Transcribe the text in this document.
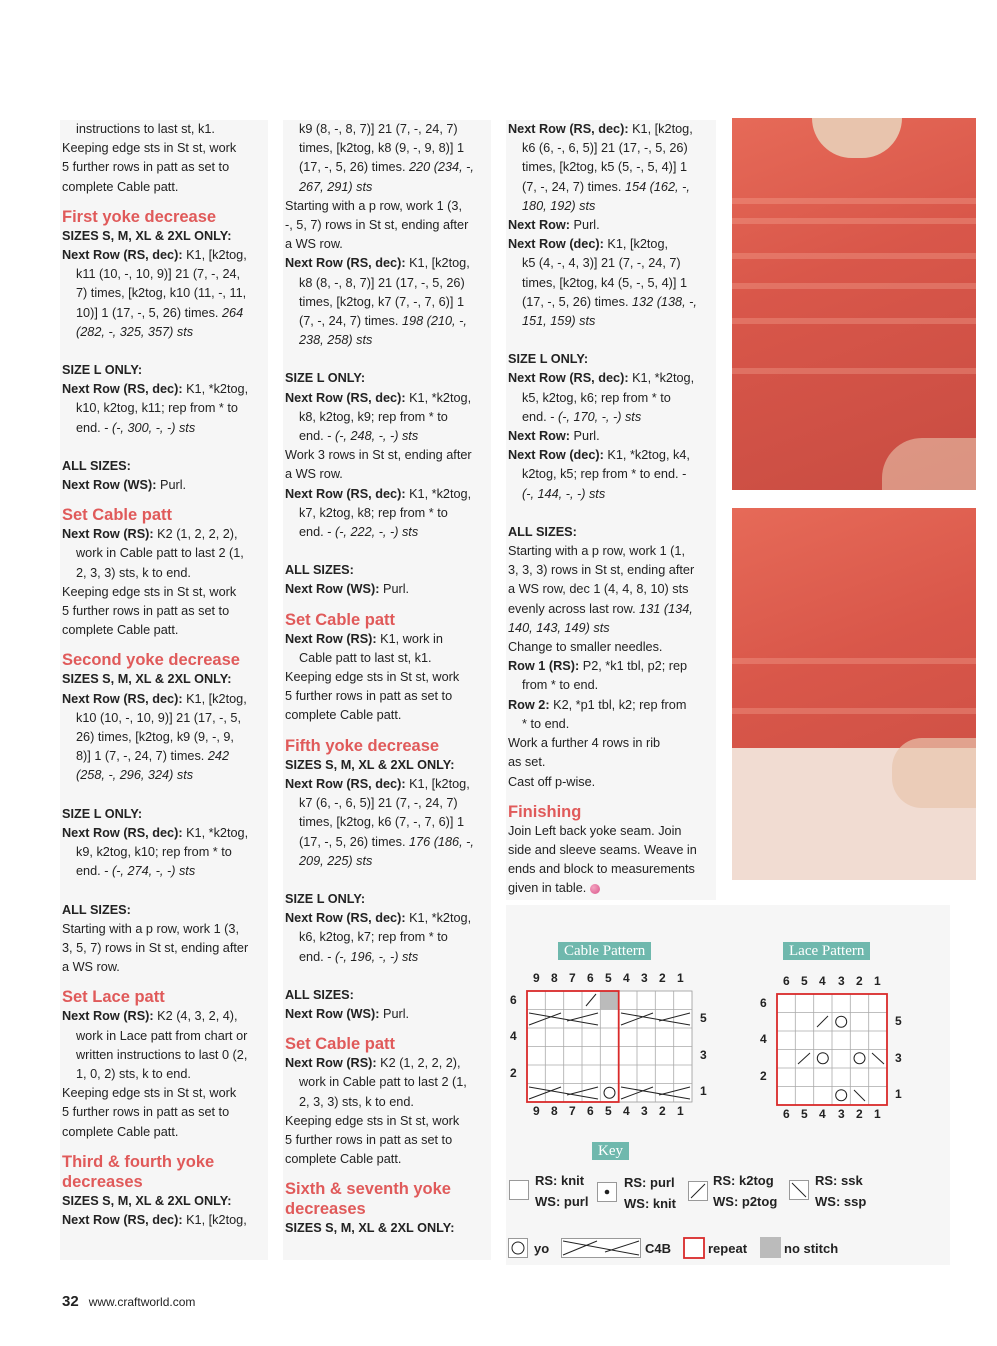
instructions to last st, k1.
Keeping edge sts in St st, work
5 further rows in patt as set to
complete Cable patt.
First yoke decrease
SIZES S, M, XL & 2XL ONLY:
Next Row (RS, dec): K1, [k2tog,
k11 (10, -, 10, 9)] 21 (7, -, 24,
7) times, [k2tog, k10 (11, -, 11,
10)] 1 (17, -, 5, 26) times. 264
(282, -, 325, 357) sts
SIZE L ONLY:
Next Row (RS, dec): K1, *k2tog,
k10, k2tog, k11; rep from * to
end. - (-, 300, -, -) sts
ALL SIZES:
Next Row (WS): Purl.
Set Cable patt
Next Row (RS): K2 (1, 2, 2, 2),
work in Cable patt to last 2 (1,
2, 3, 3) sts, k to end.
Keeping edge sts in St st, work
5 further rows in patt as set to
complete Cable patt.
Second yoke decrease
SIZES S, M, XL & 2XL ONLY:
Next Row (RS, dec): K1, [k2tog,
k10 (10, -, 10, 9)] 21 (17, -, 5,
26) times, [k2tog, k9 (9, -, 9,
8)] 1 (7, -, 24, 7) times. 242
(258, -, 296, 324) sts
SIZE L ONLY:
Next Row (RS, dec): K1, *k2tog,
k9, k2tog, k10; rep from * to
end. - (-, 274, -, -) sts
ALL SIZES:
Starting with a p row, work 1 (3,
3, 5, 7) rows in St st, ending after
a WS row.
Set Lace patt
Next Row (RS): K2 (4, 3, 2, 4),
work in Lace patt from chart or
written instructions to last 0 (2,
1, 0, 2) sts, k to end.
Keeping edge sts in St st, work
5 further rows in patt as set to
complete Cable patt.
Third & fourth yoke
decreases
SIZES S, M, XL & 2XL ONLY:
Next Row (RS, dec): K1, [k2tog,
k9 (8, -, 8, 7)] 21 (7, -, 24, 7)
times, [k2tog, k8 (9, -, 9, 8)] 1
(17, -, 5, 26) times. 220 (234, -,
267, 291) sts
Starting with a p row, work 1 (3,
-, 5, 7) rows in St st, ending after
a WS row.
Next Row (RS, dec): K1, [k2tog,
k8 (8, -, 8, 7)] 21 (17, -, 5, 26)
times, [k2tog, k7 (7, -, 7, 6)] 1
(7, -, 24, 7) times. 198 (210, -,
238, 258) sts
SIZE L ONLY:
Next Row (RS, dec): K1, *k2tog,
k8, k2tog, k9; rep from * to
end. - (-, 248, -, -) sts
Work 3 rows in St st, ending after
a WS row.
Next Row (RS, dec): K1, *k2tog,
k7, k2tog, k8; rep from * to
end. - (-, 222, -, -) sts
ALL SIZES:
Next Row (WS): Purl.
Set Cable patt
Next Row (RS): K1, work in
Cable patt to last st, k1.
Keeping edge sts in St st, work
5 further rows in patt as set to
complete Cable patt.
Fifth yoke decrease
SIZES S, M, XL & 2XL ONLY:
Next Row (RS, dec): K1, [k2tog,
k7 (6, -, 6, 5)] 21 (7, -, 24, 7)
times, [k2tog, k6 (7, -, 7, 6)] 1
(17, -, 5, 26) times. 176 (186, -,
209, 225) sts
SIZE L ONLY:
Next Row (RS, dec): K1, *k2tog,
k6, k2tog, k7; rep from * to
end. - (-, 196, -, -) sts
ALL SIZES:
Next Row (WS): Purl.
Set Cable patt
Next Row (RS): K2 (1, 2, 2, 2),
work in Cable patt to last 2 (1,
2, 3, 3) sts, k to end.
Keeping edge sts in St st, work
5 further rows in patt as set to
complete Cable patt.
Sixth & seventh yoke
decreases
SIZES S, M, XL & 2XL ONLY:
Next Row (RS, dec): K1, [k2tog,
k6 (6, -, 6, 5)] 21 (17, -, 5, 26)
times, [k2tog, k5 (5, -, 5, 4)] 1
(7, -, 24, 7) times. 154 (162, -,
180, 192) sts
Next Row: Purl.
Next Row (dec): K1, [k2tog,
k5 (4, -, 4, 3)] 21 (7, -, 24, 7)
times, [k2tog, k4 (5, -, 5, 4)] 1
(17, -, 5, 26) times. 132 (138, -,
151, 159) sts
SIZE L ONLY:
Next Row (RS, dec): K1, *k2tog,
k5, k2tog, k6; rep from * to
end. - (-, 170, -, -) sts
Next Row: Purl.
Next Row (dec): K1, *k2tog, k4,
k2tog, k5; rep from * to end. -
(-, 144, -, -) sts
ALL SIZES:
Starting with a p row, work 1 (1,
3, 3, 3) rows in St st, ending after
a WS row, dec 1 (4, 4, 8, 10) sts
evenly across last row. 131 (134,
140, 143, 149) sts
Change to smaller needles.
Row 1 (RS): P2, *k1 tbl, p2; rep
from * to end.
Row 2: K2, *p1 tbl, k2; rep from
* to end.
Work a further 4 rows in rib
as set.
Cast off p-wise.
Finishing
Join Left back yoke seam. Join
side and sleeve seams. Weave in
ends and block to measurements
given in table.
Cable Pattern
9 8 7 6 5 4 3 2 1
9 8 7 6 5 4 3 2 1
6
4
2
5
3
1
Lace Pattern
6 5 4 3 2 1
6 5 4 3 2 1
6
4
2
5
3
1
Key
RS: knit
WS: purl
RS: purl
WS: knit
RS: k2tog
WS: p2tog
RS: ssk
WS: ssp
yo	C4B	repeat	no stitch
32 www.craftworld.com
